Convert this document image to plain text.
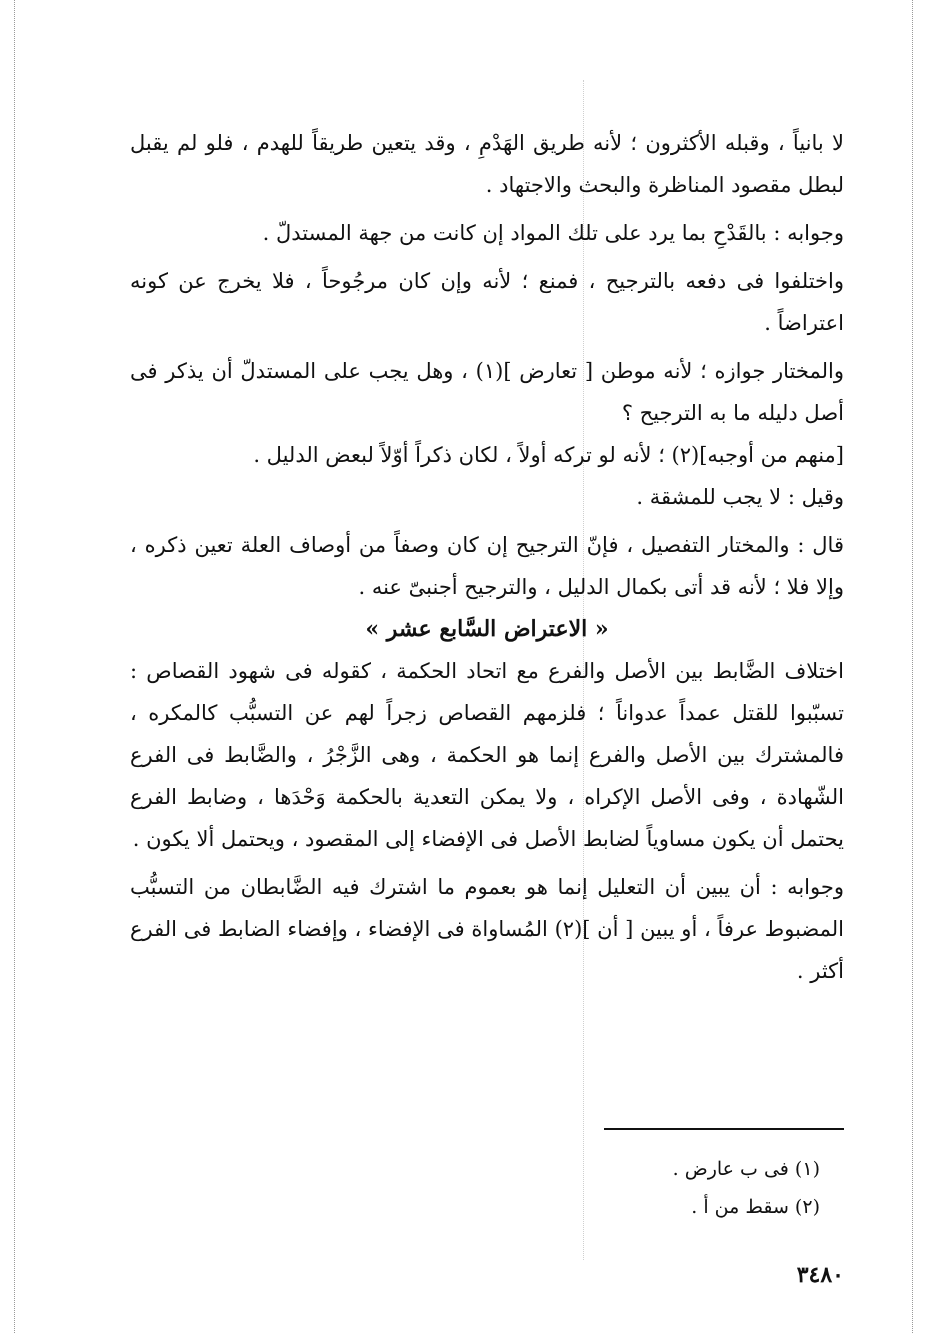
لا بانياً ، وقبله الأكثرون ؛ لأنه طريق الهَدْمِ ، وقد يتعين طريقاً للهدم ، فلو لم يقبل لبطل مقصود المناظرة والبحث والاجتهاد .

وجوابه : بالقَدْحِ بما يرد على تلك المواد إن كانت من جهة المستدلّ .

واختلفوا فى دفعه بالترجيح ، فمنع ؛ لأنه وإن كان مرجُوحاً ، فلا يخرج عن كونه اعتراضاً .

والمختار جوازه ؛ لأنه موطن [ تعارض ](١) ، وهل يجب على المستدلّ أن يذكر فى أصل دليله ما به الترجيح ؟

[منهم من أوجبه](٢) ؛ لأنه لو تركه أولاً ، لكان ذكراً أوّلاً لبعض الدليل .

وقيل : لا يجب للمشقة .

قال : والمختار التفصيل ، فإنّ الترجيح إن كان وصفاً من أوصاف العلة تعين ذكره ، وإلا فلا ؛ لأنه قد أتى بكمال الدليل ، والترجيح أجنبىّ عنه .

« الاعتراض السَّابع عشر »

اختلاف الضَّابط بين الأصل والفرع مع اتحاد الحكمة ، كقوله فى شهود القصاص : تسبّبوا للقتل عمداً عدواناً ؛ فلزمهم القصاص زجراً لهم عن التسبُّب كالمكره ، فالمشترك بين الأصل والفرع إنما هو الحكمة ، وهى الزَّجْرُ ، والضَّابط فى الفرع الشّهادة ، وفى الأصل الإكراه ، ولا يمكن التعدية بالحكمة وَحْدَها ، وضابط الفرع يحتمل أن يكون مساوياً لضابط الأصل فى الإفضاء إلى المقصود ، ويحتمل ألا يكون .

وجوابه : أن يبين أن التعليل إنما هو بعموم ما اشترك فيه الضَّابطان من التسبُّب المضبوط عرفاً ، أو يبين [ أن ](٢) المُساواة فى الإفضاء ، وإفضاء الضابط فى الفرع أكثر .

(١) فى ب عارض .

(٢) سقط من أ .

٣٤٨٠
